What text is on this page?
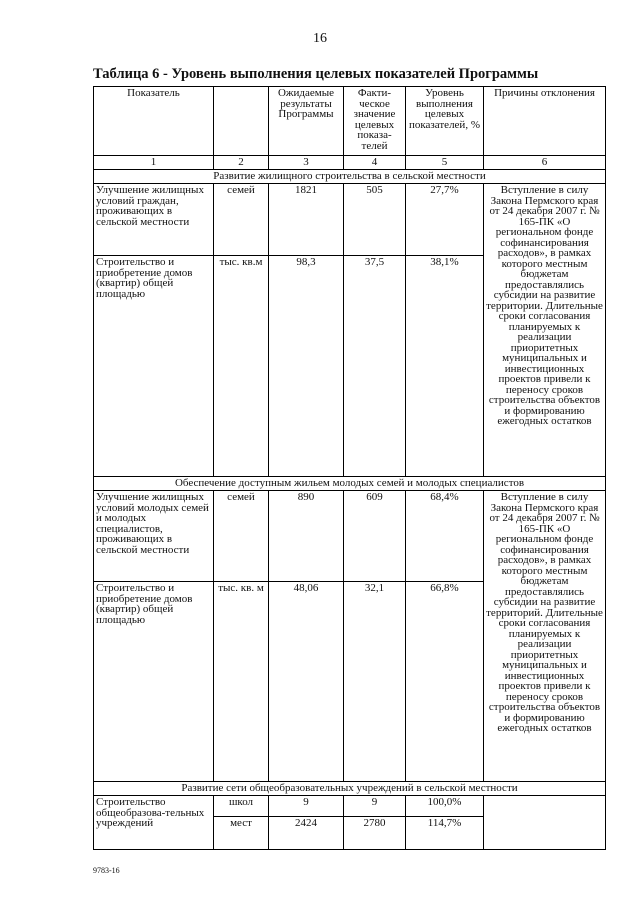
16
Таблица 6 - Уровень выполнения целевых показателей Программы
Показатель		Ожидаемые результаты Программы	Факти-ческое значение целевых показа-телей	Уровень выполнения целевых показателей, %	Причины отклонения
1	2	3	4	5	6
Развитие жилищного строительства в сельской местности					
Улучшение жилищных условий граждан, проживающих в сельской местности	семей	1821	505	27,7%	Вступление в силу Закона Пермского края от 24 декабря 2007 г. № 165-ПК «О региональном фонде софинансирования расходов», в рамках которого местным бюджетам предоставлялись субсидии на развитие территории. Длительные сроки согласования планируемых к реализации приоритетных муниципальных и инвестиционных проектов привели к переносу сроков строительства объектов и формированию ежегодных остатков
Строительство и приобретение домов (квартир) общей площадью	тыс. кв.м	98,3	37,5	38,1%	
Обеспечение доступным жильем молодых семей и молодых специалистов					
Улучшение жилищных условий молодых семей и молодых специалистов, проживающих в сельской местности	семей	890	609	68,4%	Вступление в силу Закона Пермского края от 24 декабря 2007 г. № 165-ПК «О региональном фонде софинансирования расходов», в рамках которого местным бюджетам предоставлялись субсидии на развитие территорий. Длительные сроки согласования планируемых к реализации приоритетных муниципальных и инвестиционных проектов привели к переносу сроков строительства объектов и формированию ежегодных остатков
Строительство и приобретение домов (квартир) общей площадью	тыс. кв. м	48,06	32,1	66,8%	
Развитие сети общеобразовательных учреждений в сельской местности					
Строительство общеобразова-тельных учреждений	школ	9	9	100,0%	
	мест	2424	2780	114,7%	
9783-16
